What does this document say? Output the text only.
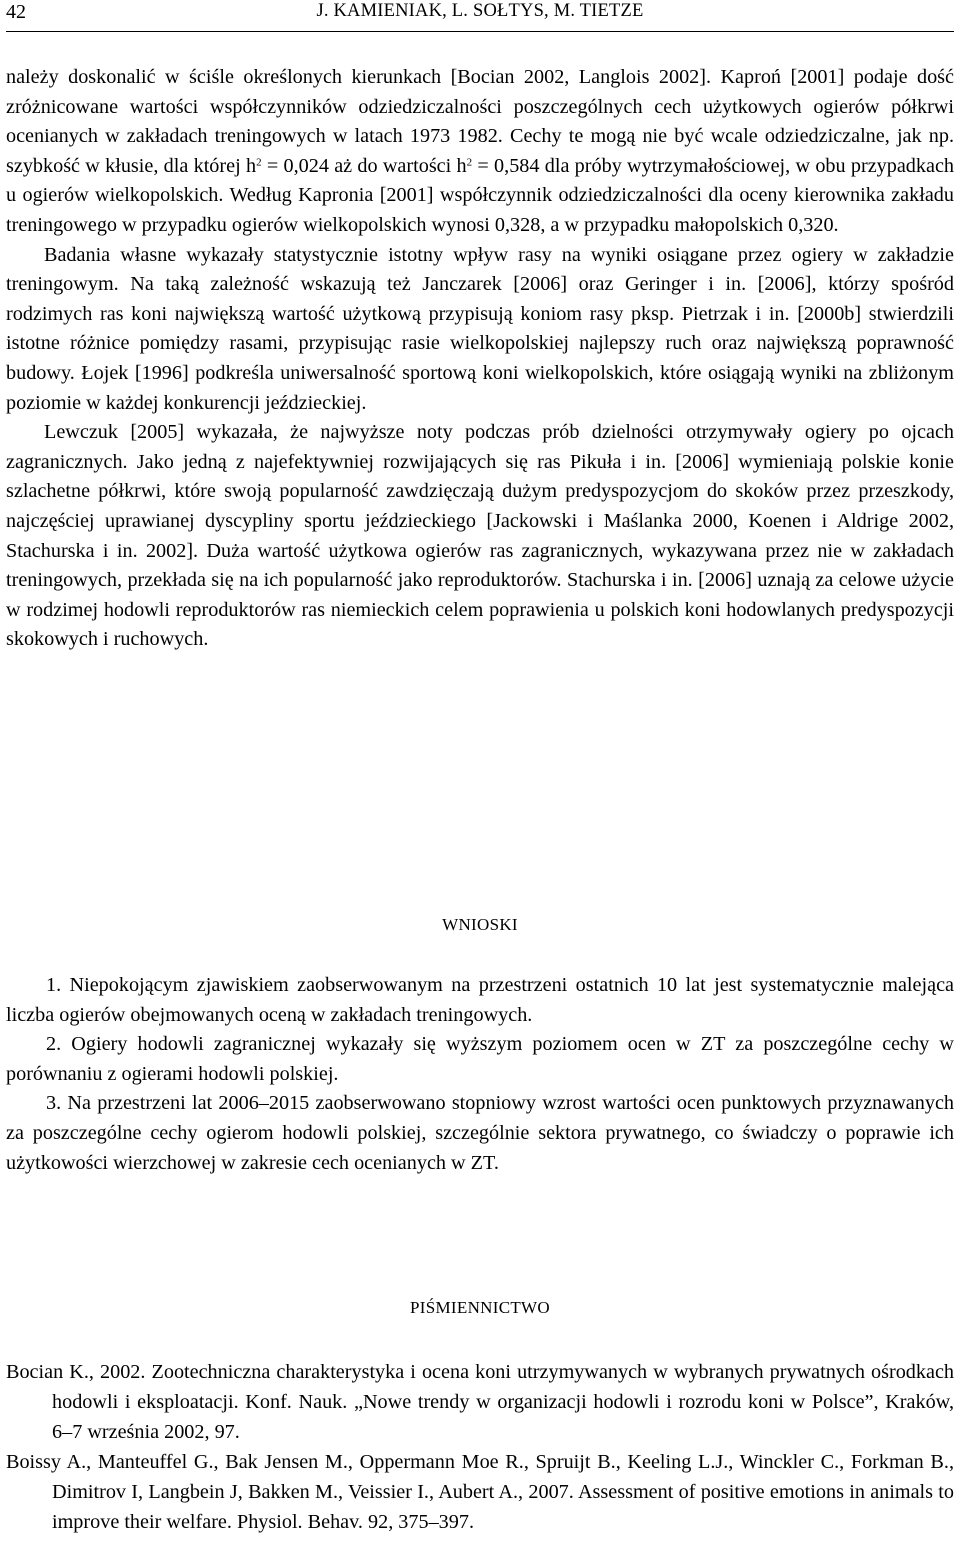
42	J. KAMIENIAK, L. SOŁTYS, M. TIETZE

należy doskonalić w ściśle określonych kierunkach [Bocian 2002, Langlois 2002]. Kaproń [2001] podaje dość zróżnicowane wartości współczynników odziedziczalności poszczególnych cech użytkowych ogierów półkrwi ocenianych w zakładach treningowych w latach 1973 1982. Cechy te mogą nie być wcale odziedziczalne, jak np. szybkość w kłusie, dla której $h^2 = 0,024$ aż do wartości $h^2 = 0,584$ dla próby wytrzymałościowej, w obu przypadkach u ogierów wielkopolskich. Według Kapronia [2001] współczynnik odziedziczalności dla oceny kierownika zakładu treningowego w przypadku ogierów wielkopolskich wynosi 0,328, a w przypadku małopolskich 0,320.

Badania własne wykazały statystycznie istotny wpływ rasy na wyniki osiągane przez ogiery w zakładzie treningowym. Na taką zależność wskazują też Janczarek [2006] oraz Geringer i in. [2006], którzy spośród rodzimych ras koni największą wartość użytkową przypisują koniom rasy pksp. Pietrzak i in. [2000b] stwierdzili istotne różnice pomiędzy rasami, przypisując rasie wielkopolskiej najlepszy ruch oraz największą poprawność budowy. Łojek [1996] podkreśla uniwersalność sportową koni wielkopolskich, które osiągają wyniki na zbliżonym poziomie w każdej konkurencji jeździeckiej.

Lewczuk [2005] wykazała, że najwyższe noty podczas prób dzielności otrzymywały ogiery po ojcach zagranicznych. Jako jedną z najefektywniej rozwijających się ras Pikuła i in. [2006] wymieniają polskie konie szlachetne półkrwi, które swoją popularność zawdzięczają dużym predyspozycjom do skoków przez przeszkody, najczęściej uprawianej dyscypliny sportu jeździeckiego [Jackowski i Maślanka 2000, Koenen i Aldrige 2002, Stachurska i in. 2002]. Duża wartość użytkowa ogierów ras zagranicznych, wykazywana przez nie w zakładach treningowych, przekłada się na ich popularność jako reproduktorów. Stachurska i in. [2006] uznają za celowe użycie w rodzimej hodowli reproduktorów ras niemieckich celem poprawienia u polskich koni hodowlanych predyspozycji skokowych i ruchowych.

WNIOSKI

1. Niepokojącym zjawiskiem zaobserwowanym na przestrzeni ostatnich 10 lat jest systematycznie malejąca liczba ogierów obejmowanych oceną w zakładach treningowych.

2. Ogiery hodowli zagranicznej wykazały się wyższym poziomem ocen w ZT za poszczególne cechy w porównaniu z ogierami hodowli polskiej.

3. Na przestrzeni lat 2006–2015 zaobserwowano stopniowy wzrost wartości ocen punktowych przyznawanych za poszczególne cechy ogierom hodowli polskiej, szczególnie sektora prywatnego, co świadczy o poprawie ich użytkowości wierzchowej w zakresie cech ocenianych w ZT.

PIŚMIENNICTWO

Bocian K., 2002. Zootechniczna charakterystyka i ocena koni utrzymywanych w wybranych prywatnych ośrodkach hodowli i eksploatacji. Konf. Nauk. „Nowe trendy w organizacji hodowli i rozrodu koni w Polsce”, Kraków, 6–7 września 2002, 97.

Boissy A., Manteuffel G., Bak Jensen M., Oppermann Moe R., Spruijt B., Keeling L.J., Winckler C., Forkman B., Dimitrov I, Langbein J, Bakken M., Veissier I., Aubert A., 2007. Assessment of positive emotions in animals to improve their welfare. Physiol. Behav. 92, 375–397.
